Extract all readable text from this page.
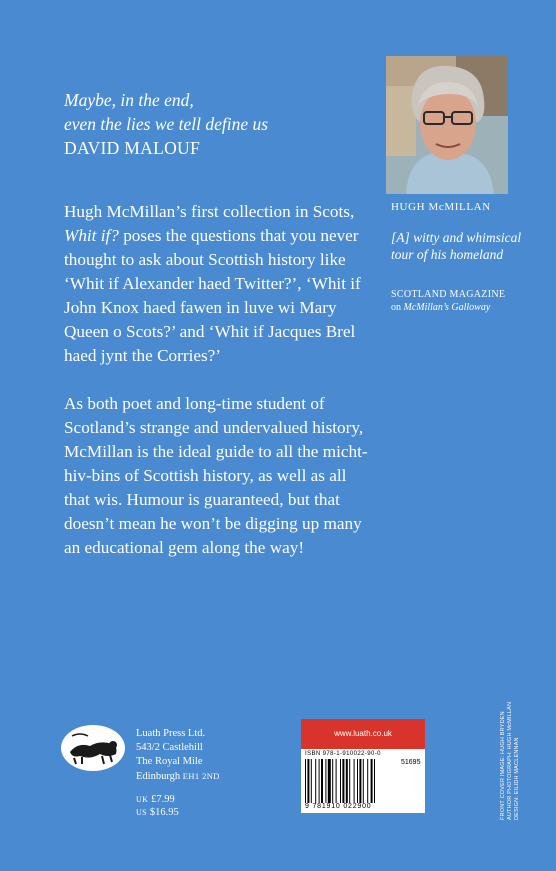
Maybe, in the end,
even the lies we tell define us
DAVID MALOUF

Hugh McMillan’s first collection in Scots, Whit if? poses the questions that you never thought to ask about Scottish history like ‘Whit if Alexander haed Twitter?’, ‘Whit if John Knox haed fawen in luve wi Mary Queen o Scots?’ and ‘Whit if Jacques Brel haed jynt the Corries?’

As both poet and long-time student of Scotland’s strange and undervalued history, McMillan is the ideal guide to all the micht-hiv-bins of Scottish history, as well as all that wis. Humour is guaranteed, but that doesn’t mean he won’t be digging up many an educational gem along the way!

HUGH McMILLAN
[A] witty and whimsical tour of his homeland
SCOTLAND MAGAZINE
on McMillan’s Galloway
Luath Press Ltd.
543/2 Castlehill
The Royal Mile
Edinburgh EH1 2ND
UK £7.99
US $16.95
www.luath.co.uk
ISBN 978-1-910022-90-0
51695
9 781910 022900	FRONT COVER IMAGE: HUGH BRYDEN AUTHOR PHOTOGRAPH: HUGH McMILLAN DESIGN: EILIDH MACLENNAN
